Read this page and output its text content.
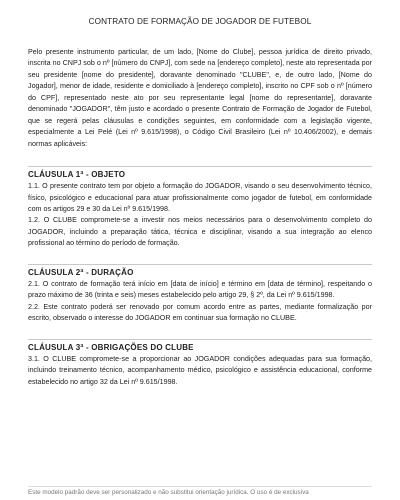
CONTRATO DE FORMAÇÃO DE JOGADOR DE FUTEBOL

Pelo presente instrumento particular, de um lado, [Nome do Clube], pessoa jurídica de direito privado, inscrita no CNPJ sob o nº [número do CNPJ], com sede na [endereço completo], neste ato representada por seu presidente [nome do presidente], doravante denominado "CLUBE", e, de outro lado, [Nome do Jogador], menor de idade, residente e domiciliado à [endereço completo], inscrito no CPF sob o nº [número do CPF], representado neste ato por seu representante legal [nome do representante], doravante denominado "JOGADOR", têm justo e acordado o presente Contrato de Formação de Jogador de Futebol, que se regerá pelas cláusulas e condições seguintes, em conformidade com a legislação vigente, especialmente a Lei Pelé (Lei nº 9.615/1998), o Código Civil Brasileiro (Lei nº 10.406/2002), e demais normas aplicáveis:

CLÁUSULA 1ª - OBJETO

1.1. O presente contrato tem por objeto a formação do JOGADOR, visando o seu desenvolvimento técnico, físico, psicológico e educacional para atuar profissionalmente como jogador de futebol, em conformidade com os artigos 29 e 30 da Lei nº 9.615/1998.

1.2. O CLUBE compromete-se a investir nos meios necessários para o desenvolvimento completo do JOGADOR, incluindo a preparação tática, técnica e disciplinar, visando a sua integração ao elenco profissional ao término do período de formação.

CLÁUSULA 2ª - DURAÇÃO

2.1. O contrato de formação terá início em [data de início] e término em [data de término], respeitando o prazo máximo de 36 (trinta e seis) meses estabelecido pelo artigo 29, § 2º, da Lei nº 9.615/1998.

2.2. Este contrato poderá ser renovado por comum acordo entre as partes, mediante formalização por escrito, observado o interesse do JOGADOR em continuar sua formação no CLUBE.

CLÁUSULA 3ª - OBRIGAÇÕES DO CLUBE

3.1. O CLUBE compromete-se a proporcionar ao JOGADOR condições adequadas para sua formação, incluindo treinamento técnico, acompanhamento médico, psicológico e assistência educacional, conforme estabelecido no artigo 32 da Lei nº 9.615/1998.

Este modelo padrão deve ser personalizado e não substitui orientação jurídica. O uso é de exclusiva
